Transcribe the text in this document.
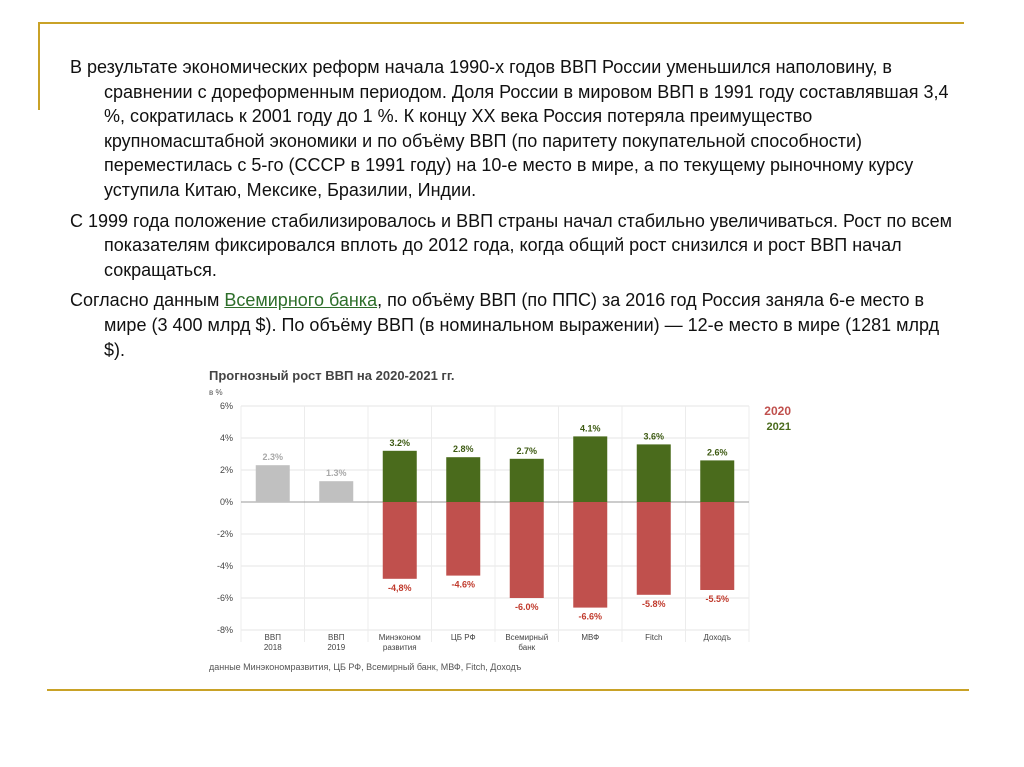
В результате экономических реформ начала 1990-х годов ВВП России уменьшился наполовину, в сравнении с дореформенным периодом. Доля России в мировом ВВП в 1991 году составлявшая 3,4 %, сократилась к 2001 году до 1 %. К концу XX века Россия потеряла преимущество крупномасштабной экономики и по объёму ВВП (по паритету покупательной способности) переместилась с 5-го (СССР в 1991 году) на 10-е место в мире, а по текущему рыночному курсу уступила Китаю, Мексике, Бразилии, Индии.

С 1999 года положение стабилизировалось и ВВП страны начал стабильно увеличиваться. Рост по всем показателям фиксировался вплоть до 2012 года, когда общий рост снизился и рост ВВП начал сокращаться.

Согласно данным Всемирного банка, по объёму ВВП (по ППС) за 2016 год Россия заняла 6-е место в мире (3 400 млрд $). По объёму ВВП (в номинальном выражении) — 12-е место в мире (1281 млрд $).

Прогнозный рост ВВП на 2020-2021 гг.
в %
6%
4%
2%
0%
-2%
-4%
-6%
-8%
2.3%
ВВП
2018
1.3%
ВВП
2019
3.2%
-4,8%
Минэконом
развития
2.8%
-4.6%
ЦБ РФ
2.7%
-6.0%
Всемирный
банк
4.1%
-6.6%
МВФ
3.6%
-5.8%
Fitch
2.6%
-5.5%
Доходъ
2020
2021
данные Минэкономразвития, ЦБ РФ, Всемирный банк, МВФ, Fitch, Доходъ
